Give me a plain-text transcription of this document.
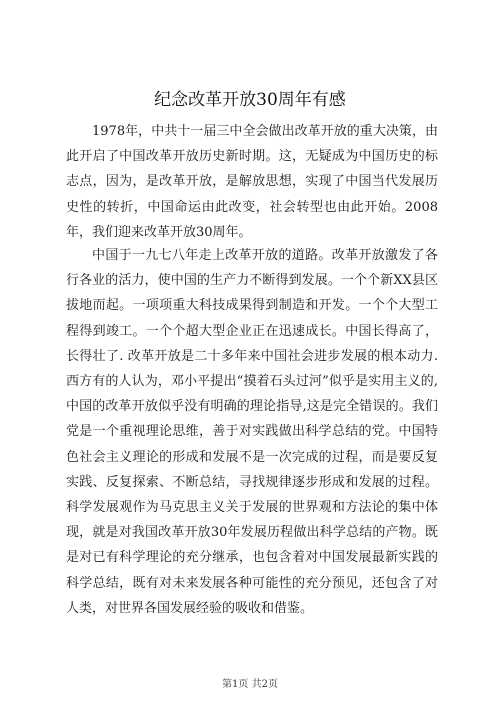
纪念改革开放30周年有感

1978年，中共十一届三中全会做出改革开放的重大决策，由此开启了中国改革开放历史新时期。这，无疑成为中国历史的标志点，因为，是改革开放，是解放思想，实现了中国当代发展历史性的转折，中国命运由此改变，社会转型也由此开始。2008年，我们迎来改革开放30周年。

中国于一九七八年走上改革开放的道路。改革开放激发了各行各业的活力，使中国的生产力不断得到发展。一个个新XX县区拔地而起。一项项重大科技成果得到制造和开发。一个个大型工程得到竣工。一个个超大型企业正在迅速成长。中国长得高了，长得壮了. 改革开放是二十多年来中国社会进步发展的根本动力.西方有的人认为，邓小平提出“摸着石头过河”似乎是实用主义的,中国的改革开放似乎没有明确的理论指导,这是完全错误的。我们党是一个重视理论思维，善于对实践做出科学总结的党。中国特色社会主义理论的形成和发展不是一次完成的过程，而是要反复实践、反复探索、不断总结，寻找规律逐步形成和发展的过程。科学发展观作为马克思主义关于发展的世界观和方法论的集中体现，就是对我国改革开放30年发展历程做出科学总结的产物。既是对已有科学理论的充分继承，也包含着对中国发展最新实践的科学总结，既有对未来发展各种可能性的充分预见，还包含了对人类，对世界各国发展经验的吸收和借鉴。

第1页 共2页
